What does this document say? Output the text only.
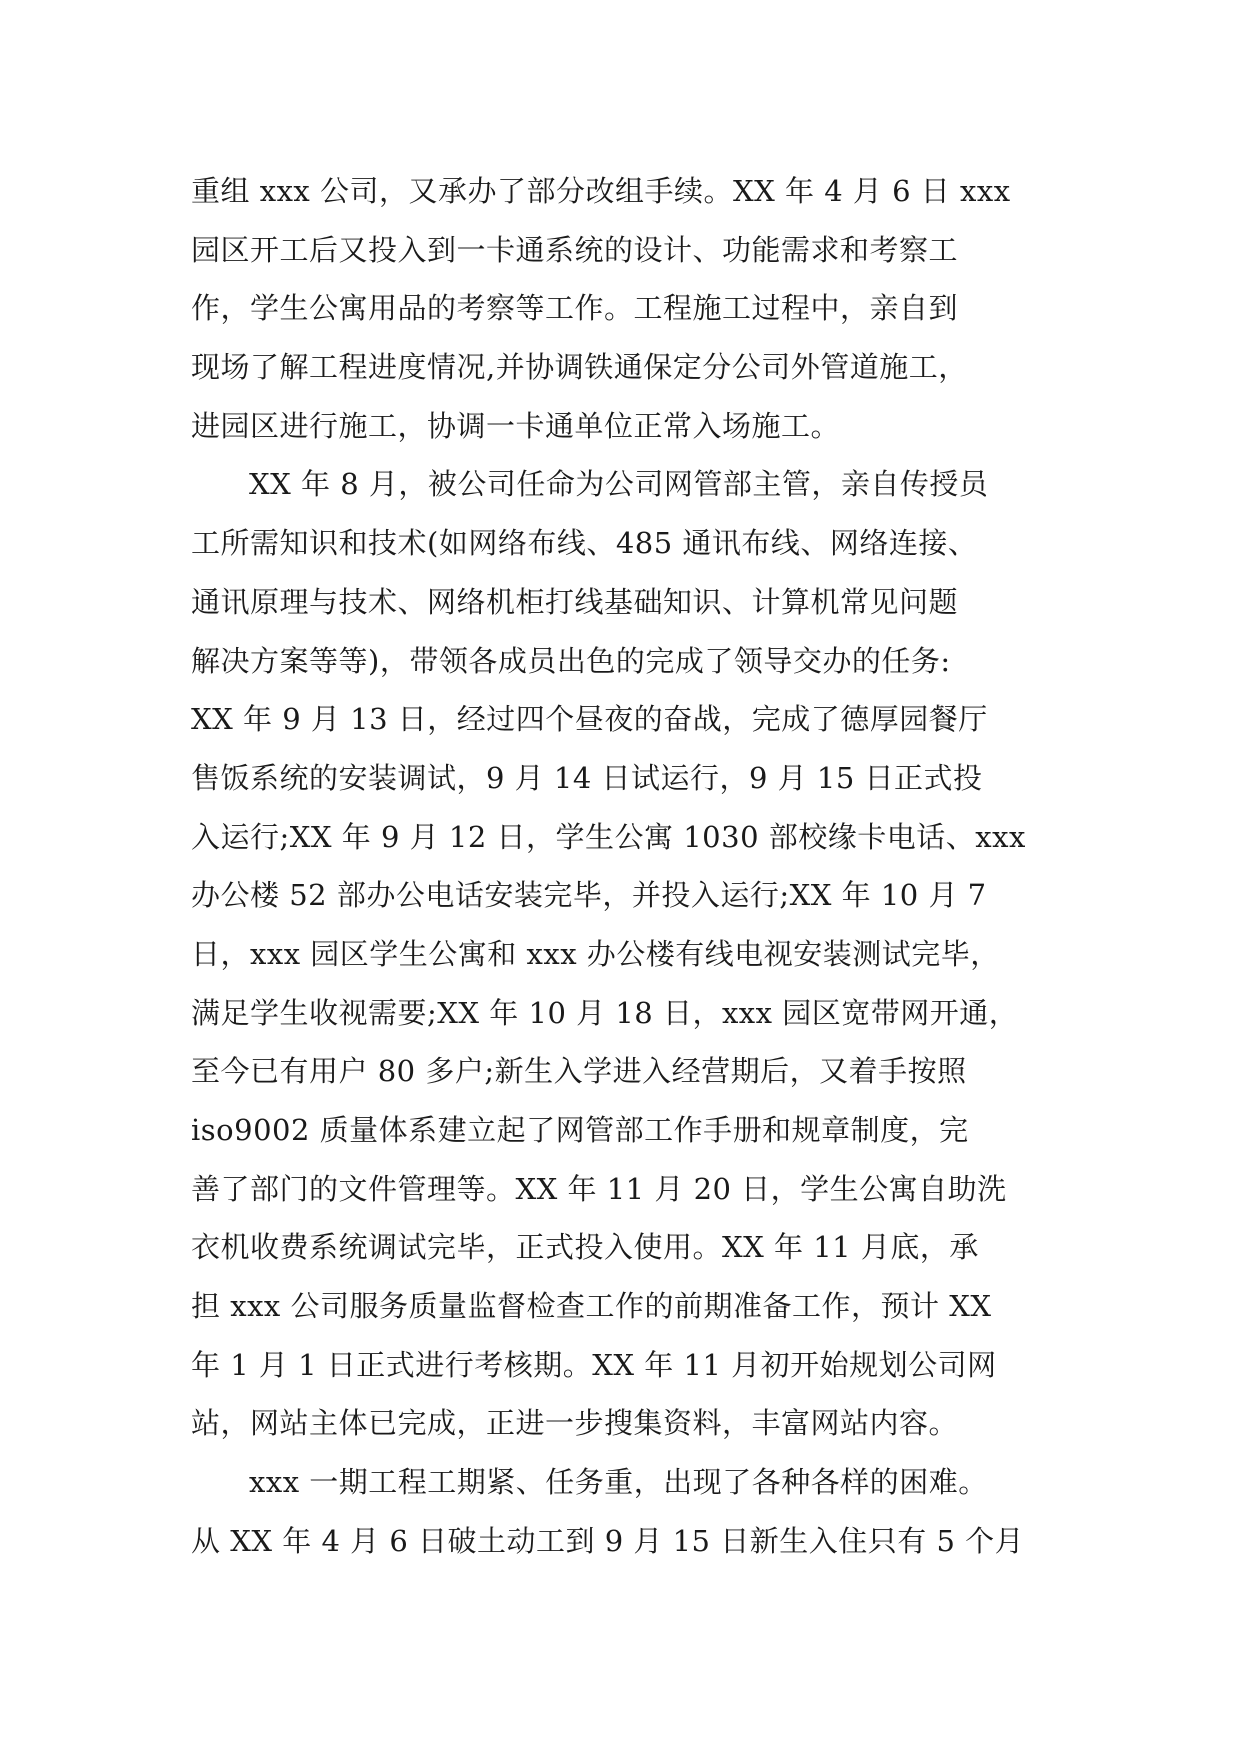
重组 xxx 公司，又承办了部分改组手续。XX 年 4 月 6 日 xxx
园区开工后又投入到一卡通系统的设计、功能需求和考察工
作，学生公寓用品的考察等工作。工程施工过程中，亲自到
现场了解工程进度情况,并协调铁通保定分公司外管道施工，
进园区进行施工，协调一卡通单位正常入场施工。
XX 年 8 月，被公司任命为公司网管部主管，亲自传授员
工所需知识和技术(如网络布线、485 通讯布线、网络连接、
通讯原理与技术、网络机柜打线基础知识、计算机常见问题
解决方案等等)，带领各成员出色的完成了领导交办的任务:
XX 年 9 月 13 日，经过四个昼夜的奋战，完成了德厚园餐厅
售饭系统的安装调试，9 月 14 日试运行，9 月 15 日正式投
入运行;XX 年 9 月 12 日，学生公寓 1030 部校缘卡电话、xxx
办公楼 52 部办公电话安装完毕，并投入运行;XX 年 10 月 7
日，xxx 园区学生公寓和 xxx 办公楼有线电视安装测试完毕，
满足学生收视需要;XX 年 10 月 18 日，xxx 园区宽带网开通，
至今已有用户 80 多户;新生入学进入经营期后，又着手按照
iso9002 质量体系建立起了网管部工作手册和规章制度，完
善了部门的文件管理等。XX 年 11 月 20 日，学生公寓自助洗
衣机收费系统调试完毕，正式投入使用。XX 年 11 月底，承
担 xxx 公司服务质量监督检查工作的前期准备工作，预计 XX
年 1 月 1 日正式进行考核期。XX 年 11 月初开始规划公司网
站，网站主体已完成，正进一步搜集资料，丰富网站内容。
xxx 一期工程工期紧、任务重，出现了各种各样的困难。
从 XX 年 4 月 6 日破土动工到 9 月 15 日新生入住只有 5 个月
